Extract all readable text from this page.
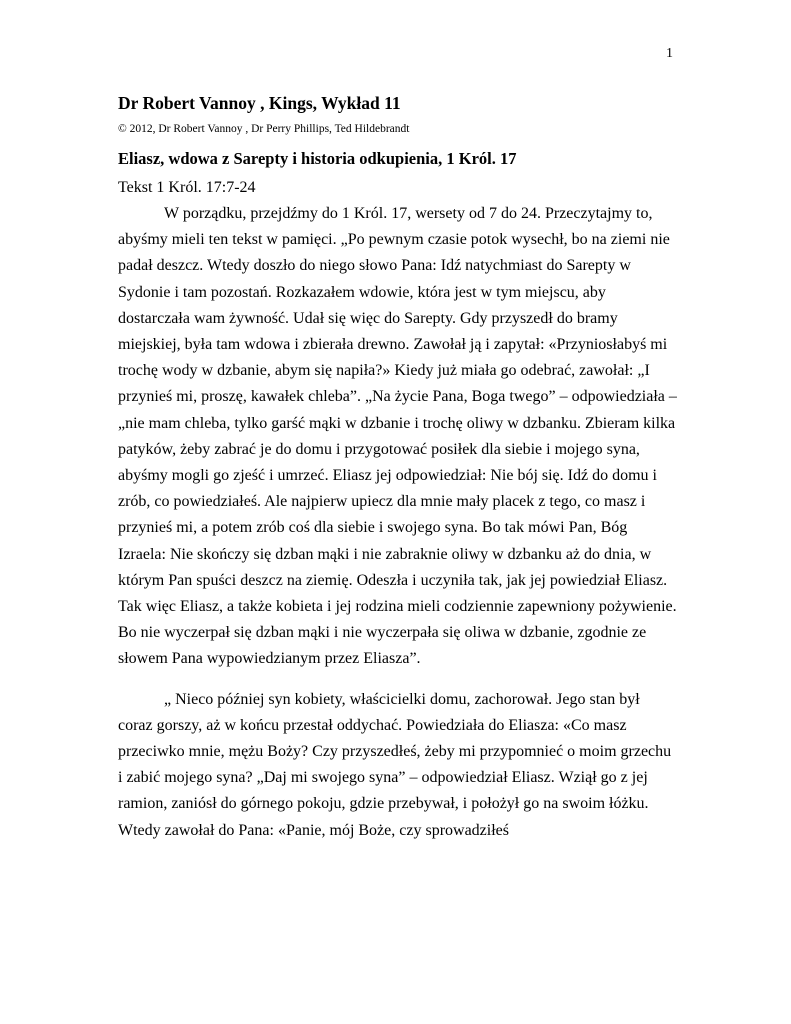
1
Dr Robert Vannoy , Kings, Wykład 11
© 2012, Dr Robert Vannoy , Dr Perry Phillips, Ted Hildebrandt
Eliasz, wdowa z Sarepty i historia odkupienia, 1 Król. 17
Tekst 1 Król. 17:7-24

W porządku, przejdźmy do 1 Król. 17, wersety od 7 do 24. Przeczytajmy to, abyśmy mieli ten tekst w pamięci. „Po pewnym czasie potok wysechł, bo na ziemi nie padał deszcz. Wtedy doszło do niego słowo Pana: Idź natychmiast do Sarepty w Sydonie i tam pozostań. Rozkazałem wdowie, która jest w tym miejscu, aby dostarczała wam żywność. Udał się więc do Sarepty. Gdy przyszedł do bramy miejskiej, była tam wdowa i zbierała drewno. Zawołał ją i zapytał: «Przyniosłabyś mi trochę wody w dzbanie, abym się napiła?» Kiedy już miała go odebrać, zawołał: „I przynieś mi, proszę, kawałek chleba”. „Na życie Pana, Boga twego” – odpowiedziała – „nie mam chleba, tylko garść mąki w dzbanie i trochę oliwy w dzbanku. Zbieram kilka patyków, żeby zabrać je do domu i przygotować posiłek dla siebie i mojego syna, abyśmy mogli go zjeść i umrzeć. Eliasz jej odpowiedział: Nie bój się. Idź do domu i zrób, co powiedziałeś. Ale najpierw upiecz dla mnie mały placek z tego, co masz i przynieś mi, a potem zrób coś dla siebie i swojego syna. Bo tak mówi Pan, Bóg Izraela: Nie skończy się dzban mąki i nie zabraknie oliwy w dzbanku aż do dnia, w którym Pan spuści deszcz na ziemię. Odeszła i uczyniła tak, jak jej powiedział Eliasz. Tak więc Eliasz, a także kobieta i jej rodzina mieli codziennie zapewniony pożywienie. Bo nie wyczerpał się dzban mąki i nie wyczerpała się oliwa w dzbanie, zgodnie ze słowem Pana wypowiedzianym przez Eliasza”.

„ Nieco później syn kobiety, właścicielki domu, zachorował. Jego stan był coraz gorszy, aż w końcu przestał oddychać. Powiedziała do Eliasza: «Co masz przeciwko mnie, mężu Boży? Czy przyszedłeś, żeby mi przypomnieć o moim grzechu i zabić mojego syna? „Daj mi swojego syna” – odpowiedział Eliasz. Wziął go z jej ramion, zaniósł do górnego pokoju, gdzie przebywał, i położył go na swoim łóżku. Wtedy zawołał do Pana: «Panie, mój Boże, czy sprowadziłeś
